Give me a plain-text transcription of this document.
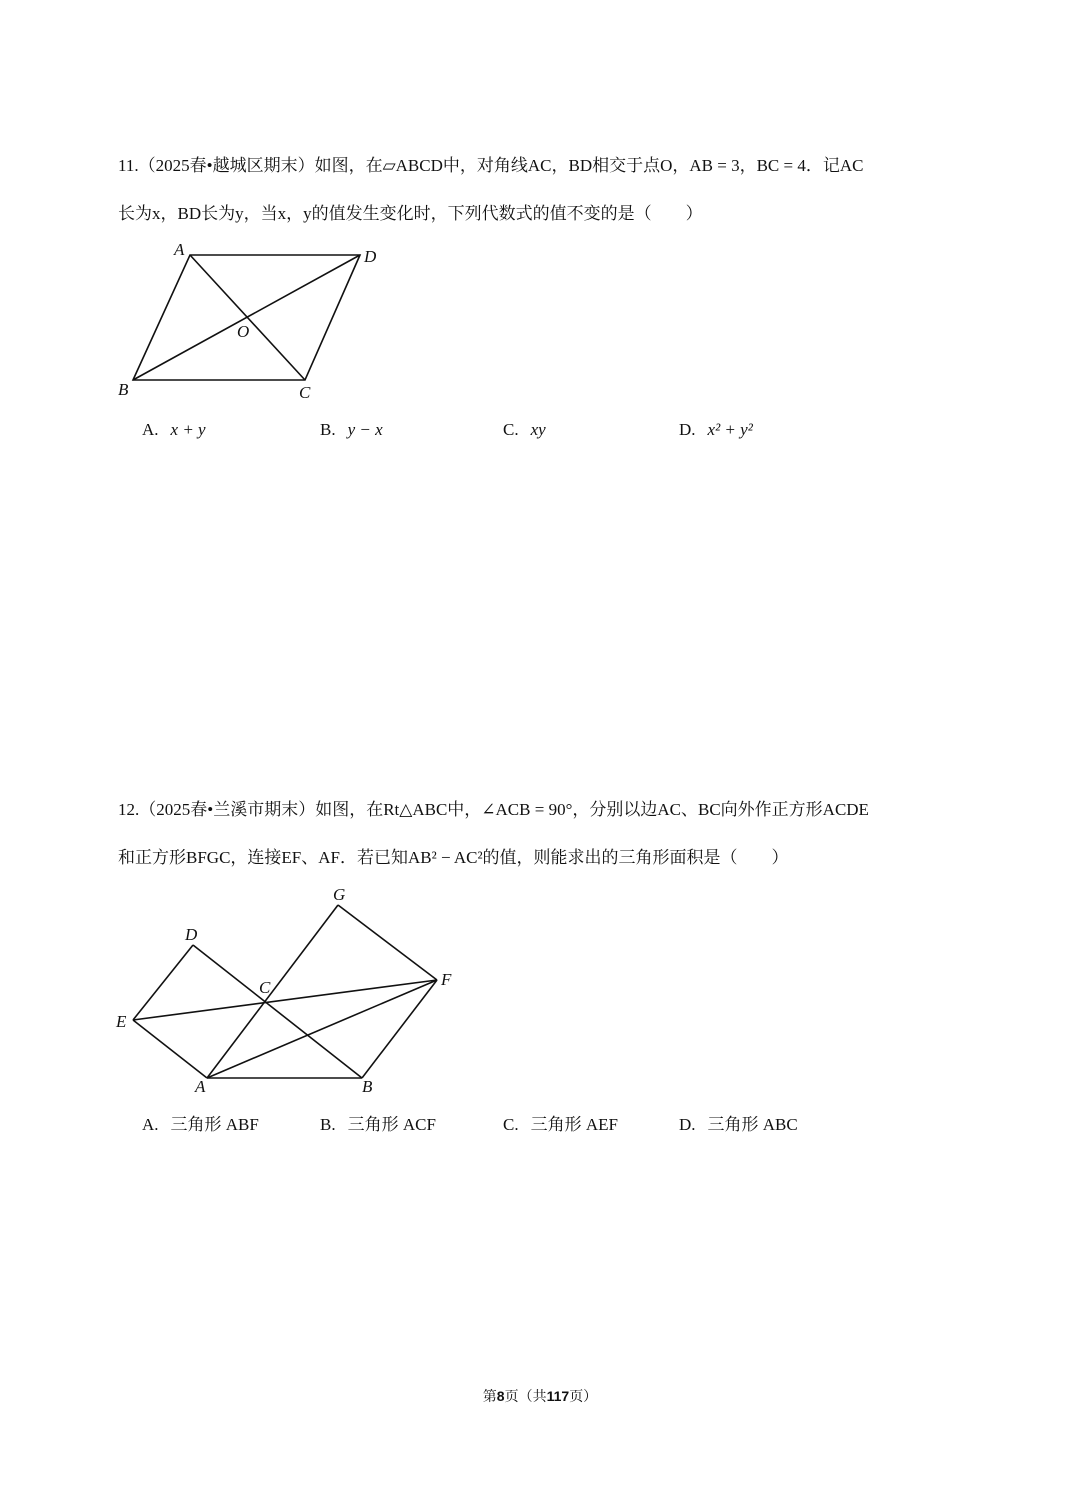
11.（2025春•越城区期末）如图，在▱ABCD中，对角线AC，BD相交于点O，AB = 3，BC = 4．记AC
长为x，BD长为y，当x，y的值发生变化时，下列代数式的值不变的是（　　）
A	D
O
B	C
G
D
C	F
E
A	B
A. x + y	B. y − x	C. xy	D. x² + y²
12.（2025春•兰溪市期末）如图，在Rt△ABC中，∠ACB = 90°，分别以边AC、BC向外作正方形ACDE
和正方形BFGC，连接EF、AF．若已知AB² − AC²的值，则能求出的三角形面积是（　　）
A. 三角形 ABF	B. 三角形 ACF	C. 三角形 AEF	D. 三角形 ABC
第8页（共117页）
